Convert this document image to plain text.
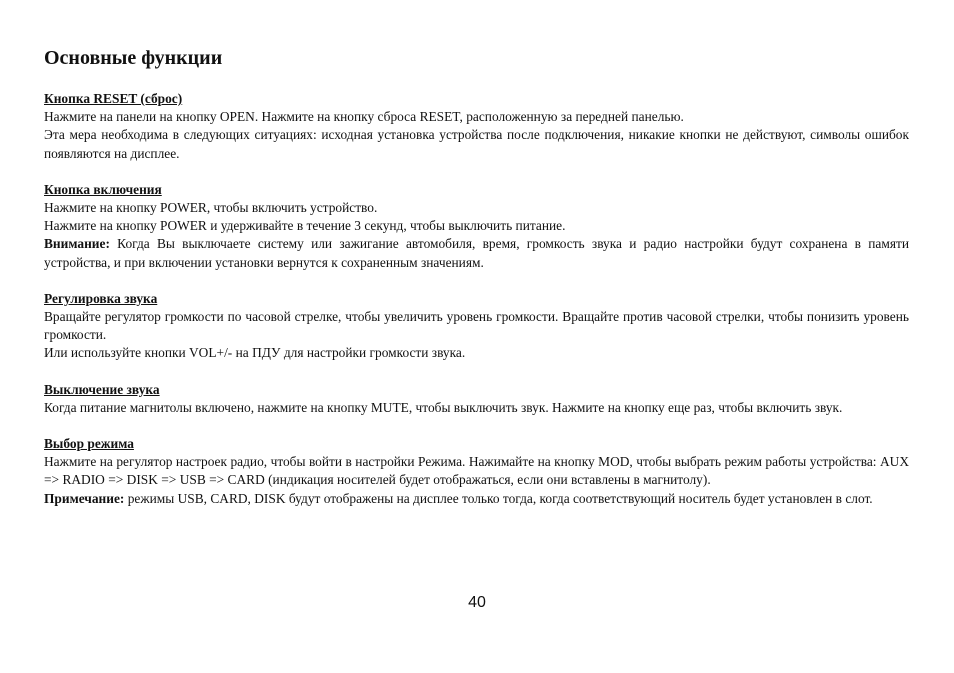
Основные функции

Кнопка RESET (сброс)

Нажмите на панели на кнопку OPEN. Нажмите на кнопку сброса RESET, расположенную за передней панелью.

Эта мера необходима в следующих ситуациях: исходная установка устройства после подключения, никакие кнопки не действуют, символы ошибок появляются на дисплее.

Кнопка включения

Нажмите на кнопку POWER, чтобы включить устройство.

Нажмите на кнопку POWER и удерживайте в течение 3 секунд, чтобы выключить питание.

Внимание: Когда Вы выключаете систему или зажигание автомобиля, время, громкость звука и радио настройки будут сохранена в памяти устройства, и при включении установки вернутся к сохраненным значениям.

Регулировка звука

Вращайте регулятор громкости по часовой стрелке, чтобы увеличить уровень громкости. Вращайте против часовой стрелки, чтобы понизить уровень громкости.

Или используйте кнопки VOL+/- на ПДУ для настройки громкости звука.

Выключение звука

Когда питание магнитолы включено, нажмите на кнопку MUTE, чтобы выключить звук. Нажмите на кнопку еще раз, чтобы включить звук.

Выбор режима

Нажмите на регулятор настроек радио, чтобы войти в настройки Режима. Нажимайте на кнопку MOD, чтобы выбрать режим работы устройства: AUX => RADIO => DISK => USB => CARD (индикация носителей будет отображаться, если они вставлены в магнитолу).

Примечание: режимы USB, CARD, DISK будут отображены на дисплее только тогда, когда соответствующий носитель будет установлен в слот.

40
